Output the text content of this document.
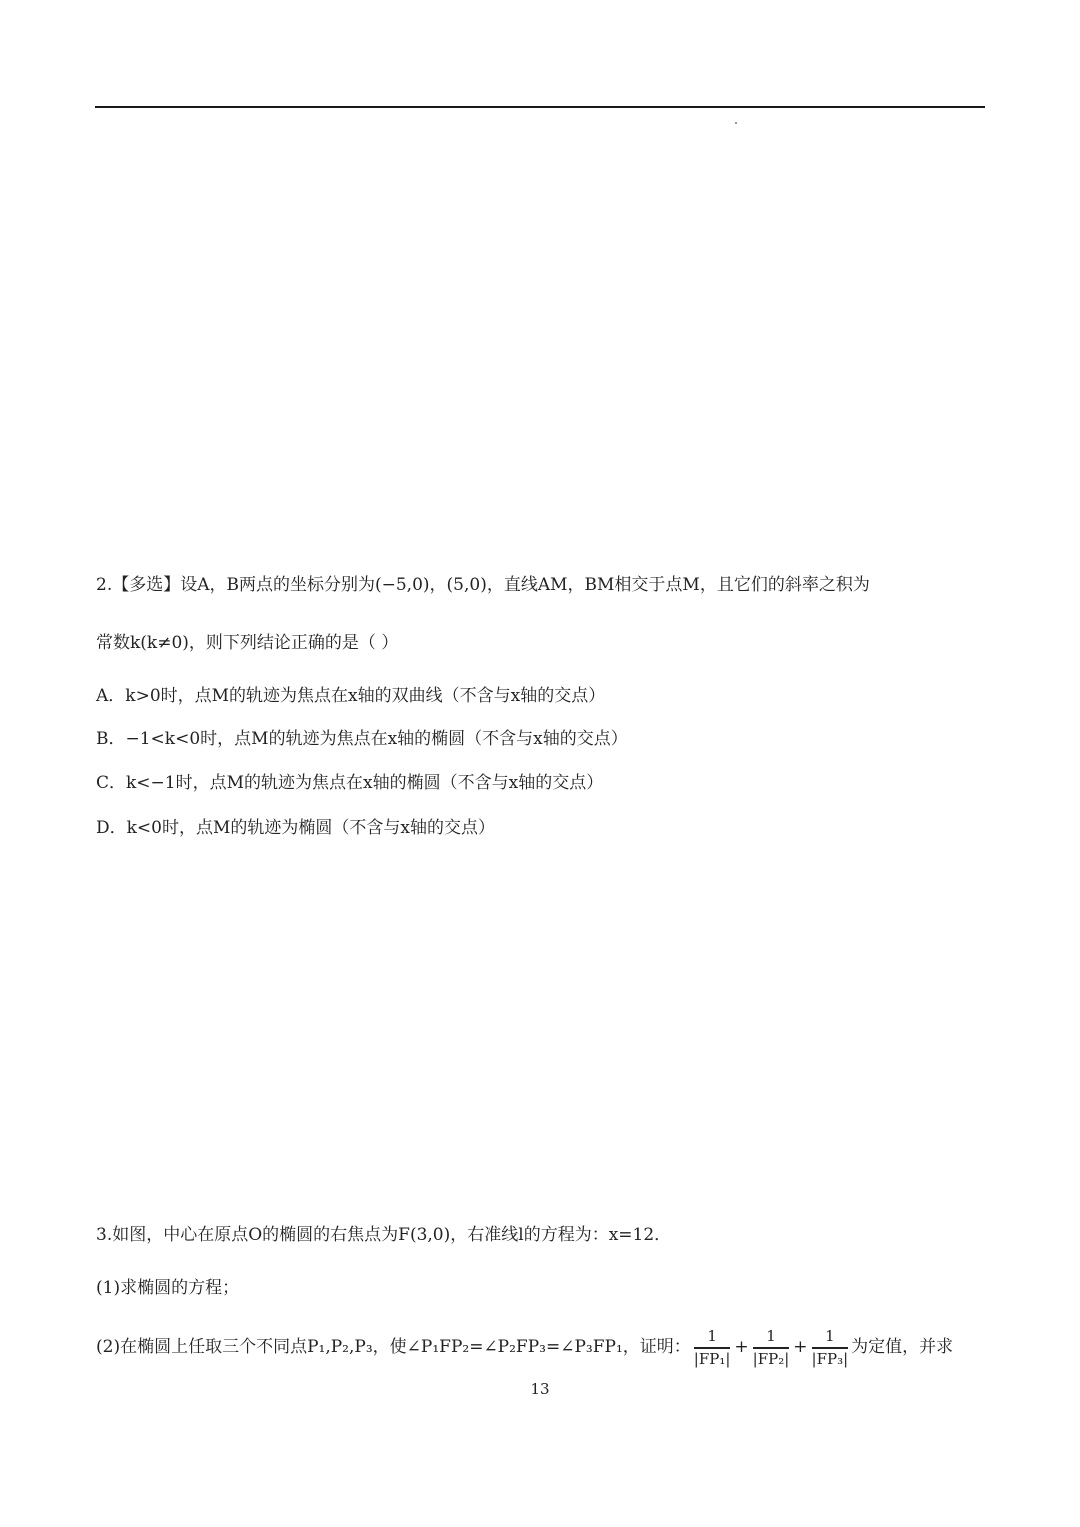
2.【多选】设A，B两点的坐标分别为(−5,0)，(5,0)，直线AM，BM相交于点M，且它们的斜率之积为
常数k(k≠0)，则下列结论正确的是（ ）
A．k>0时，点M的轨迹为焦点在x轴的双曲线（不含与x轴的交点）
B．−1<k<0时，点M的轨迹为焦点在x轴的椭圆（不含与x轴的交点）
C．k<−1时，点M的轨迹为焦点在x轴的椭圆（不含与x轴的交点）
D．k<0时，点M的轨迹为椭圆（不含与x轴的交点）
3.如图，中心在原点O的椭圆的右焦点为F(3,0)，右准线l的方程为：x=12．
(1)求椭圆的方程；
(2)在椭圆上任取三个不同点P₁,P₂,P₃，使∠P₁FP₂=∠P₂FP₃=∠P₃FP₁，证明： $\frac{1}{\text{|FP₁|}} + \frac{1}{\text{|FP₂|}} + \frac{1}{\text{|FP₃|}}$ 为定值，并求
13
